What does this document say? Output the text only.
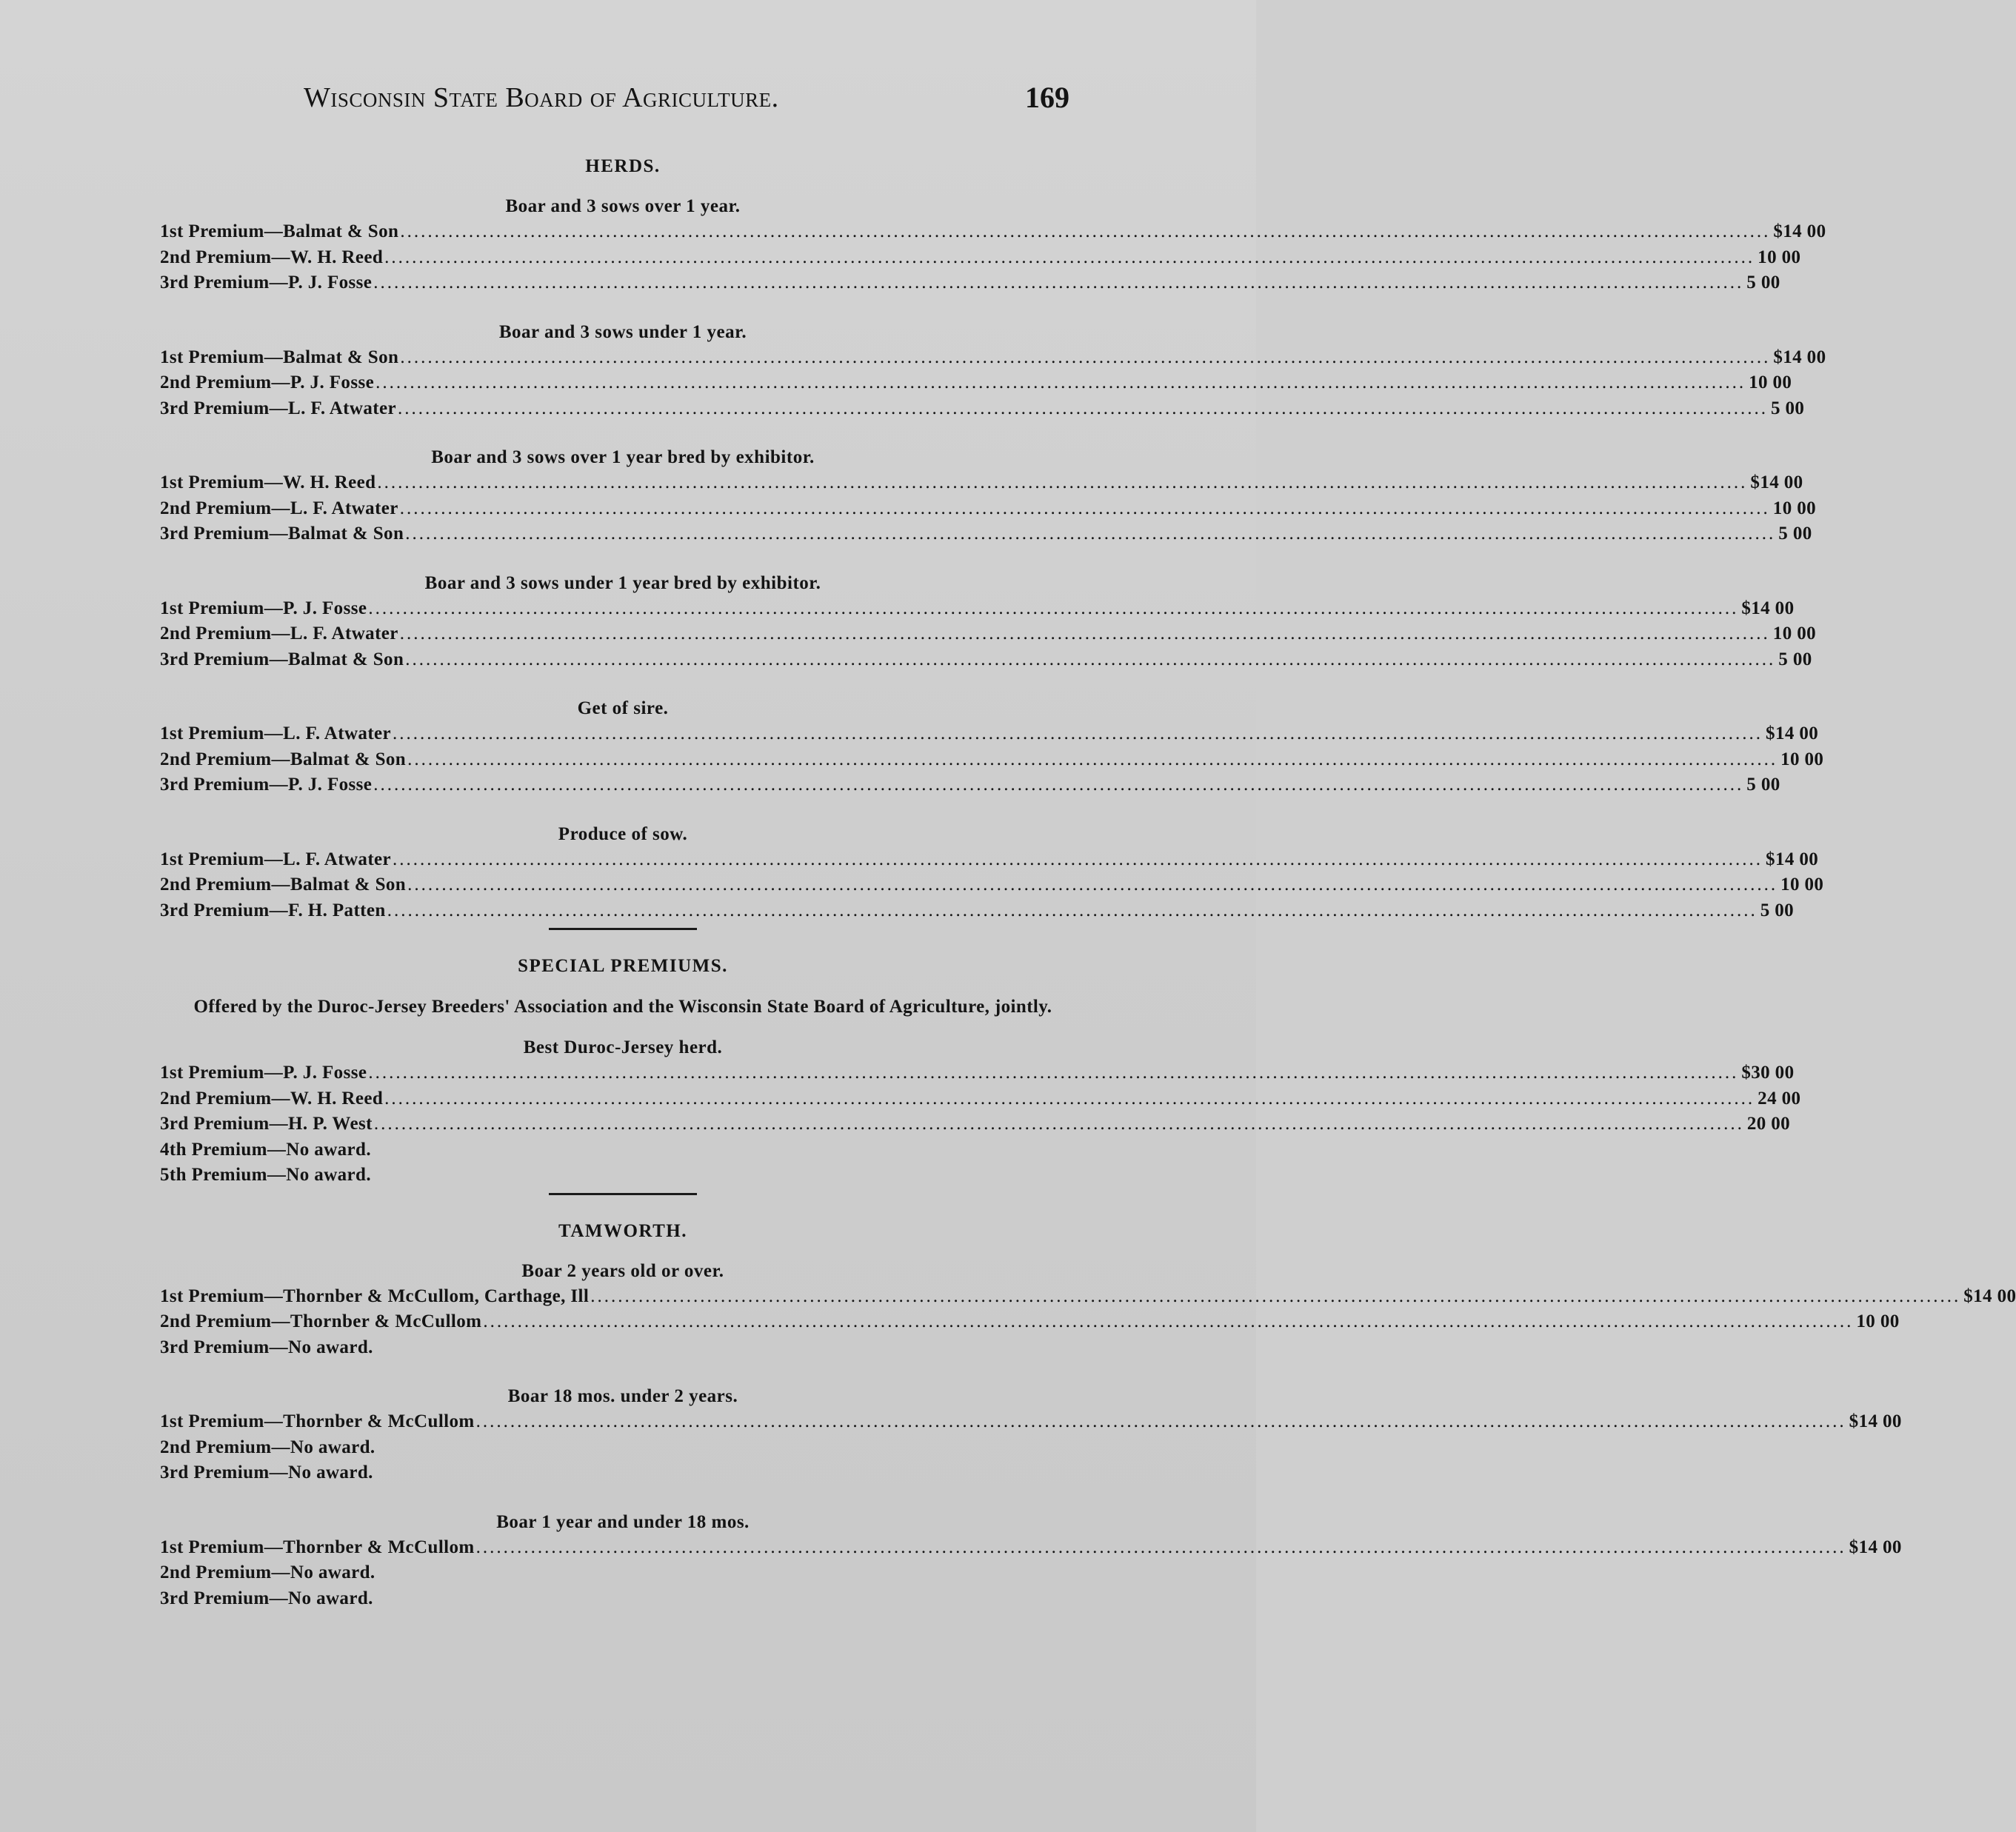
Wisconsin State Board of Agriculture.	169
HERDS.
Boar and 3 sows over 1 year.
1st Premium—Balmat & Son ........................................................................................................................................................................................................ $14 00
2nd Premium—W. H. Reed ........................................................................................................................................................................................................ 10 00
3rd Premium—P. J. Fosse ........................................................................................................................................................................................................ 5 00
Boar and 3 sows under 1 year.
1st Premium—Balmat & Son ........................................................................................................................................................................................................ $14 00
2nd Premium—P. J. Fosse ........................................................................................................................................................................................................ 10 00
3rd Premium—L. F. Atwater ........................................................................................................................................................................................................ 5 00
Boar and 3 sows over 1 year bred by exhibitor.
1st Premium—W. H. Reed ........................................................................................................................................................................................................ $14 00
2nd Premium—L. F. Atwater ........................................................................................................................................................................................................ 10 00
3rd Premium—Balmat & Son ........................................................................................................................................................................................................ 5 00
Boar and 3 sows under 1 year bred by exhibitor.
1st Premium—P. J. Fosse ........................................................................................................................................................................................................ $14 00
2nd Premium—L. F. Atwater ........................................................................................................................................................................................................ 10 00
3rd Premium—Balmat & Son ........................................................................................................................................................................................................ 5 00
Get of sire.
1st Premium—L. F. Atwater ........................................................................................................................................................................................................ $14 00
2nd Premium—Balmat & Son ........................................................................................................................................................................................................ 10 00
3rd Premium—P. J. Fosse ........................................................................................................................................................................................................ 5 00
Produce of sow.
1st Premium—L. F. Atwater ........................................................................................................................................................................................................ $14 00
2nd Premium—Balmat & Son ........................................................................................................................................................................................................ 10 00
3rd Premium—F. H. Patten ........................................................................................................................................................................................................ 5 00
SPECIAL PREMIUMS.
Offered by the Duroc-Jersey Breeders' Association and the Wisconsin State Board of Agriculture, jointly.
Best Duroc-Jersey herd.
1st Premium—P. J. Fosse ........................................................................................................................................................................................................ $30 00
2nd Premium—W. H. Reed ........................................................................................................................................................................................................ 24 00
3rd Premium—H. P. West ........................................................................................................................................................................................................ 20 00
4th Premium—No award.
5th Premium—No award.
TAMWORTH.
Boar 2 years old or over.
1st Premium—Thornber & McCullom, Carthage, Ill ........................................................................................................................................................................................................ $14 00
2nd Premium—Thornber & McCullom ........................................................................................................................................................................................................ 10 00
3rd Premium—No award.
Boar 18 mos. under 2 years.
1st Premium—Thornber & McCullom ........................................................................................................................................................................................................ $14 00
2nd Premium—No award.
3rd Premium—No award.
Boar 1 year and under 18 mos.
1st Premium—Thornber & McCullom ........................................................................................................................................................................................................ $14 00
2nd Premium—No award.
3rd Premium—No award.
